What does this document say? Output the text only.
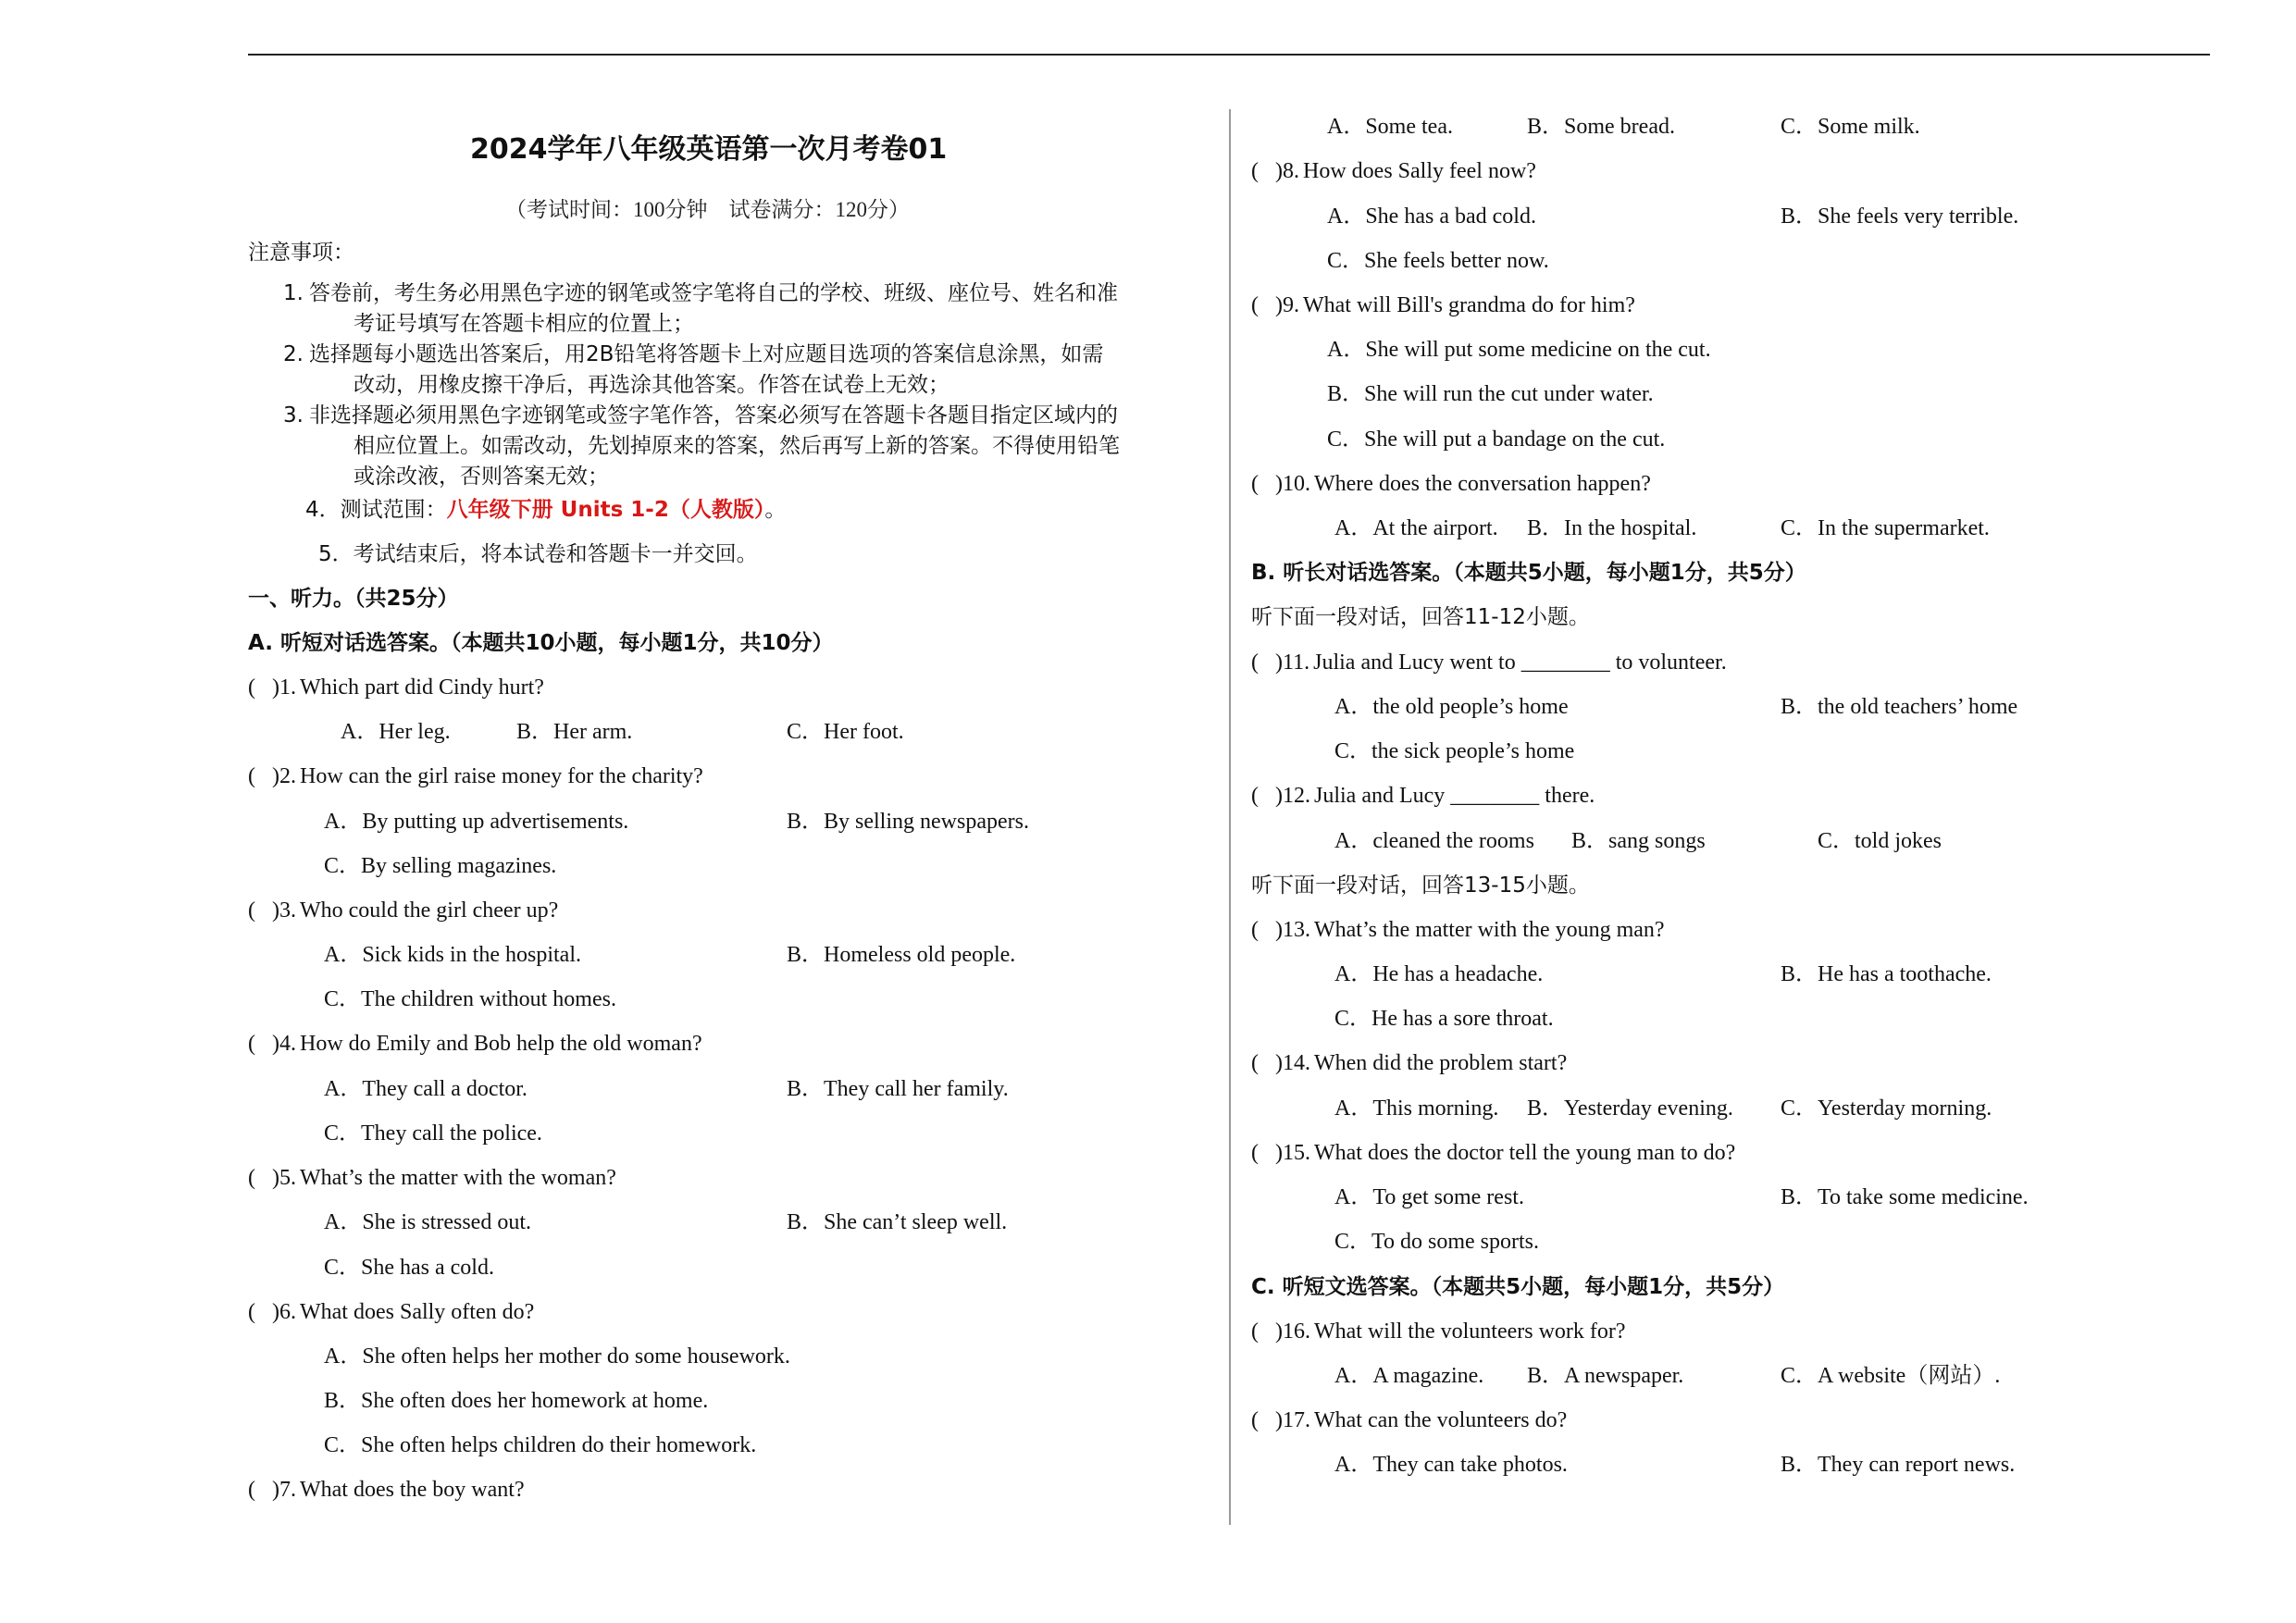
2024学年八年级英语第一次月考卷01
（考试时间：100分钟　试卷满分：120分）
注意事项：
1. 答卷前，考生务必用黑色字迹的钢笔或签字笔将自己的学校、班级、座位号、姓名和准
考证号填写在答题卡相应的位置上；
2. 选择题每小题选出答案后，用2B铅笔将答题卡上对应题目选项的答案信息涂黑，如需
改动，用橡皮擦干净后，再选涂其他答案。作答在试卷上无效；
3. 非选择题必须用黑色字迹钢笔或签字笔作答，答案必须写在答题卡各题目指定区域内的
相应位置上。如需改动，先划掉原来的答案，然后再写上新的答案。不得使用铅笔
或涂改液，否则答案无效；
4．测试范围：八年级下册 Units 1-2（人教版）。
5．考试结束后，将本试卷和答题卡一并交回。
一、听力。（共25分）
A. 听短对话选答案。（本题共10小题，每小题1分，共10分）
( )1. Which part did Cindy hurt?
A．Her leg.	B．Her arm.	C．Her foot.
( )2. How can the girl raise money for the charity?
A．By putting up advertisements.	B．By selling newspapers.
C．By selling magazines.
( )3. Who could the girl cheer up?
A．Sick kids in the hospital.	B．Homeless old people.
C．The children without homes.
( )4. How do Emily and Bob help the old woman?
A．They call a doctor.	B．They call her family.
C．They call the police.
( )5. What’s the matter with the woman?
A．She is stressed out.	B．She can’t sleep well.
C．She has a cold.
( )6. What does Sally often do?
A．She often helps her mother do some housework.
B．She often does her homework at home.
C．She often helps children do their homework.
( )7. What does the boy want?
A．Some tea.	B．Some bread.	C．Some milk.
( )8. How does Sally feel now?
A．She has a bad cold.	B．She feels very terrible.
C．She feels better now.
( )9. What will Bill's grandma do for him?
A．She will put some medicine on the cut.
B．She will run the cut under water.
C．She will put a bandage on the cut.
( )10. Where does the conversation happen?
A．At the airport. B．In the hospital.	C．In the supermarket.
B. 听长对话选答案。（本题共5小题，每小题1分，共5分）
听下面一段对话，回答11-12小题。
( )11. Julia and Lucy went to ________ to volunteer.
A．the old people’s home	B．the old teachers’ home
C．the sick people’s home
( )12. Julia and Lucy ________ there.
A．cleaned the rooms B．sang songs	C．told jokes
听下面一段对话，回答13-15小题。
( )13. What’s the matter with the young man?
A．He has a headache.	B．He has a toothache.
C．He has a sore throat.
( )14. When did the problem start?
A．This morning. B．Yesterday evening. C．Yesterday morning.
( )15. What does the doctor tell the young man to do?
A．To get some rest.	B．To take some medicine.
C．To do some sports.
C. 听短文选答案。（本题共5小题，每小题1分，共5分）
( )16. What will the volunteers work for?
A．A magazine. B．A newspaper.	C．A website（网站）.
( )17. What can the volunteers do?
A．They can take photos.	B．They can report news.
